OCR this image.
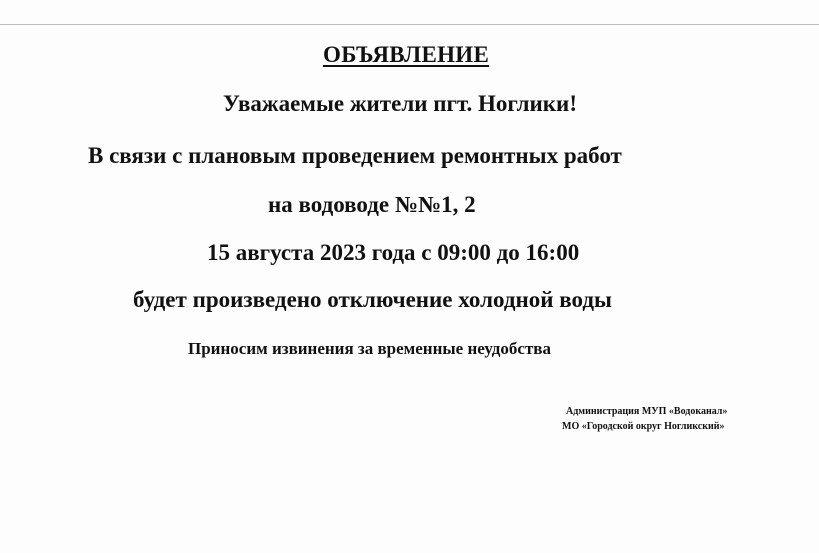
ОБЪЯВЛЕНИЕ
Уважаемые жители пгт. Ноглики!
В связи с плановым проведением ремонтных работ
на водоводе №№1, 2
15 августа 2023 года с 09:00 до 16:00
будет произведено отключение холодной воды
Приносим извинения за временные неудобства
Администрация МУП «Водоканал»
МО «Городской округ Ногликский»
